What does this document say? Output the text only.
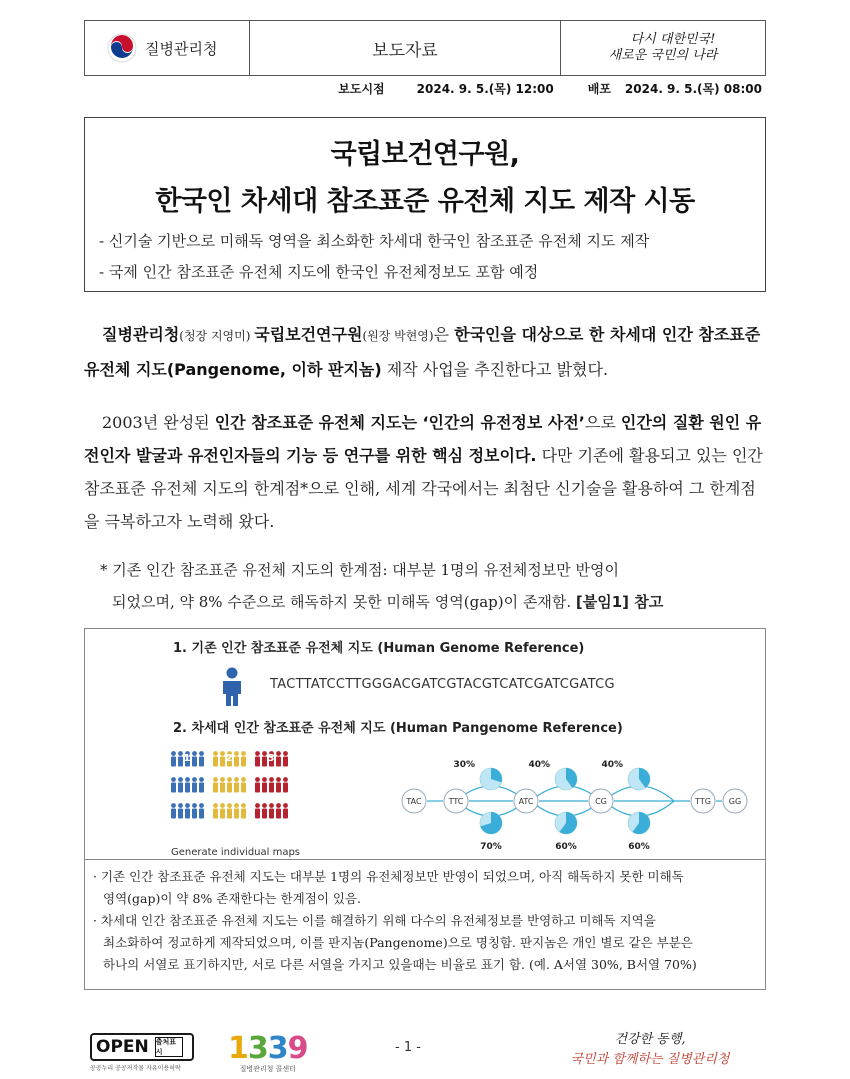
질병관리청	보도자료
다시 대한민국!
새로운 국민의 나라
보도시점	2024. 9. 5.(목) 12:00	배포 2024. 9. 5.(목) 08:00
국립보건연구원,
한국인 차세대 참조표준 유전체 지도 제작 시동
- 신기술 기반으로 미해독 영역을 최소화한 차세대 한국인 참조표준 유전체 지도 제작
- 국제 인간 참조표준 유전체 지도에 한국인 유전체정보도 포함 예정
질병관리청(청장 지영미) 국립보건연구원(원장 박현영)은 한국인을 대상으로 한 차세대 인간 참조표준 유전체 지도(Pangenome, 이하 판지놈) 제작 사업을 추진한다고 밝혔다.
2003년 완성된 인간 참조표준 유전체 지도는 ‘인간의 유전정보 사전’으로 인간의 질환 원인 유전인자 발굴과 유전인자들의 기능 등 연구를 위한 핵심 정보이다. 다만 기존에 활용되고 있는 인간 참조표준 유전체 지도의 한계점*으로 인해, 세계 각국에서는 최첨단 신기술을 활용하여 그 한계점을 극복하고자 노력해 왔다.
* 기존 인간 참조표준 유전체 지도의 한계점: 대부분 1명의 유전체정보만 반영이
되었으며, 약 8% 수준으로 해독하지 못한 미해독 영역(gap)이 존재함. [붙임1] 참고
1. 기존 인간 참조표준 유전체 지도 (Human Genome Reference)
TACTTATCCTTGGGACGATCGTACGTCATCGATCGATCG
2. 차세대 인간 참조표준 유전체 지도 (Human Pangenome Reference)
1	2	3
TAC	TTC	ATC	CG	TTG GG
30%
70%
40%
60%
40%
60%
Generate individual maps
· 기존 인간 참조표준 유전체 지도는 대부분 1명의 유전체정보만 반영이 되었으며, 아직 해독하지 못한 미해독
영역(gap)이 약 8% 존재한다는 한계점이 있음.
· 차세대 인간 참조표준 유전체 지도는 이를 해결하기 위해 다수의 유전체정보를 반영하고 미해독 지역을
최소화하여 정교하게 제작되었으며, 이를 판지놈(Pangenome)으로 명칭함. 판지놈은 개인 별로 같은 부분은
하나의 서열로 표기하지만, 서로 다른 서열을 가지고 있을때는 비율로 표기 함. (예. A서열 30%, B서열 70%)
OPEN 출처표시
공공누리 공공저작물 자유이용허락
1339
질병관리청 콜센터
- 1 -
건강한 동행,
국민과 함께하는 질병관리청
